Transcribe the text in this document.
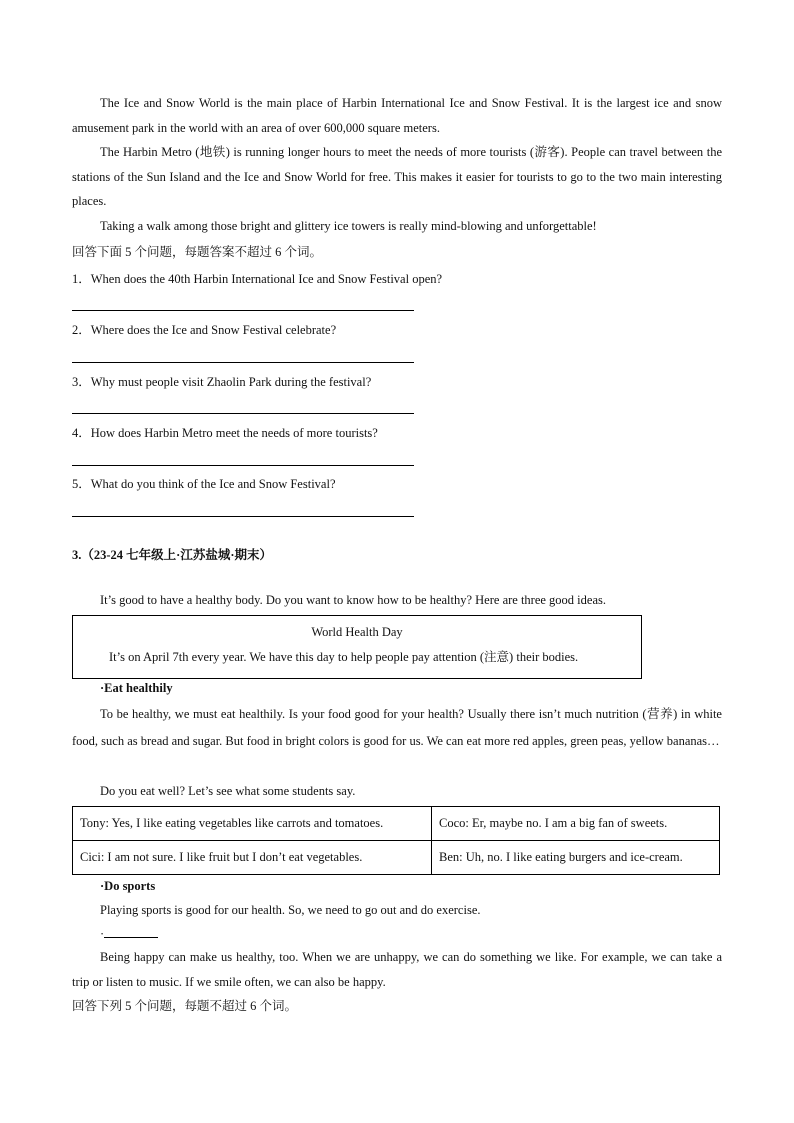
The Ice and Snow World is the main place of Harbin International Ice and Snow Festival. It is the largest ice and snow amusement park in the world with an area of over 600,000 square meters.
The Harbin Metro (地铁) is running longer hours to meet the needs of more tourists (游客). People can travel between the stations of the Sun Island and the Ice and Snow World for free. This makes it easier for tourists to go to the two main interesting places.
Taking a walk among those bright and glittery ice towers is really mind-blowing and unforgettable!
回答下面 5 个问题，每题答案不超过 6 个词。
1．When does the 40th Harbin International Ice and Snow Festival open?
2．Where does the Ice and Snow Festival celebrate?
3．Why must people visit Zhaolin Park during the festival?
4．How does Harbin Metro meet the needs of more tourists?
5．What do you think of the Ice and Snow Festival?
3.（23-24 七年级上·江苏盐城·期末）
It’s good to have a healthy body. Do you want to know how to be healthy? Here are three good ideas.
World Health Day
It’s on April 7th every year. We have this day to help people pay attention (注意) their bodies.
·Eat healthily
To be healthy, we must eat healthily. Is your food good for your health? Usually there isn’t much nutrition (营养) in white food, such as bread and sugar. But food in bright colors is good for us. We can eat more red apples, green peas, yellow bananas…
Do you eat well? Let’s see what some students say.
Tony: Yes, I like eating vegetables like carrots and tomatoes.	Coco: Er, maybe no. I am a big fan of sweets.
Cici: I am not sure. I like fruit but I don’t eat vegetables.	Ben: Uh, no. I like eating burgers and ice-cream.
·Do sports
Playing sports is good for our health. So, we need to go out and do exercise.
·
Being happy can make us healthy, too. When we are unhappy, we can do something we like. For example, we can take a trip or listen to music. If we smile often, we can also be happy.
回答下列 5 个问题，每题不超过 6 个词。
